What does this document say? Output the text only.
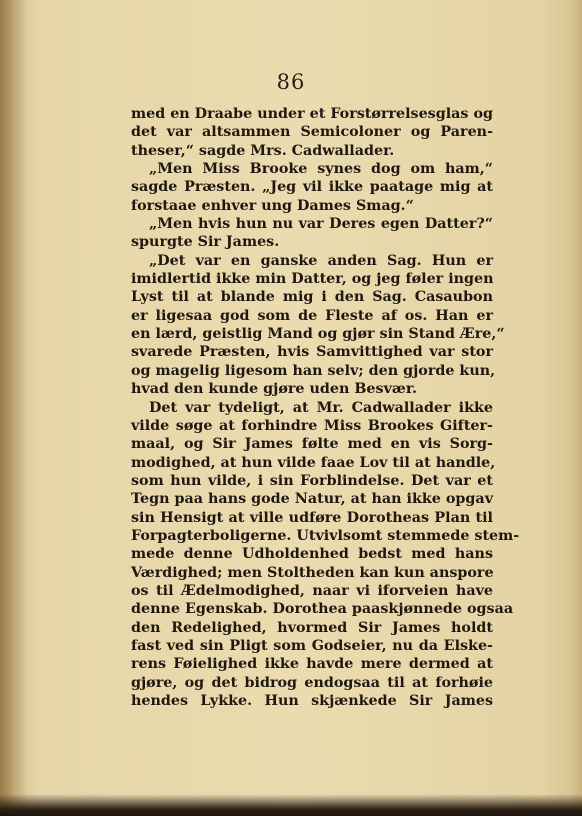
86
med en Draabe under et Forstørrelsesglas og
det var altsammen Semicoloner og Paren-
theser,“ sagde Mrs. Cadwallader.
„Men Miss Brooke synes dog om ham,“
sagde Præsten. „Jeg vil ikke paatage mig at
forstaae enhver ung Dames Smag.“
„Men hvis hun nu var Deres egen Datter?“
spurgte Sir James.
„Det var en ganske anden Sag. Hun er
imidlertid ikke min Datter, og jeg føler ingen
Lyst til at blande mig i den Sag. Casaubon
er ligesaa god som de Fleste af os. Han er
en lærd, geistlig Mand og gjør sin Stand Ære,“
svarede Præsten, hvis Samvittighed var stor
og magelig ligesom han selv; den gjorde kun,
hvad den kunde gjøre uden Besvær.
Det var tydeligt, at Mr. Cadwallader ikke
vilde søge at forhindre Miss Brookes Gifter-
maal, og Sir James følte med en vis Sorg-
modighed, at hun vilde faae Lov til at handle,
som hun vilde, i sin Forblindelse. Det var et
Tegn paa hans gode Natur, at han ikke opgav
sin Hensigt at ville udføre Dorotheas Plan til
Forpagterboligerne. Utvivlsomt stemmede stem-
mede denne Udholdenhed bedst med hans
Værdighed; men Stoltheden kan kun anspore
os til Ædelmodighed, naar vi iforveien have
denne Egenskab. Dorothea paaskjønnede ogsaa
den Redelighed, hvormed Sir James holdt
fast ved sin Pligt som Godseier, nu da Elske-
rens Føielighed ikke havde mere dermed at
gjøre, og det bidrog endogsaa til at forhøie
hendes Lykke. Hun skjænkede Sir James
